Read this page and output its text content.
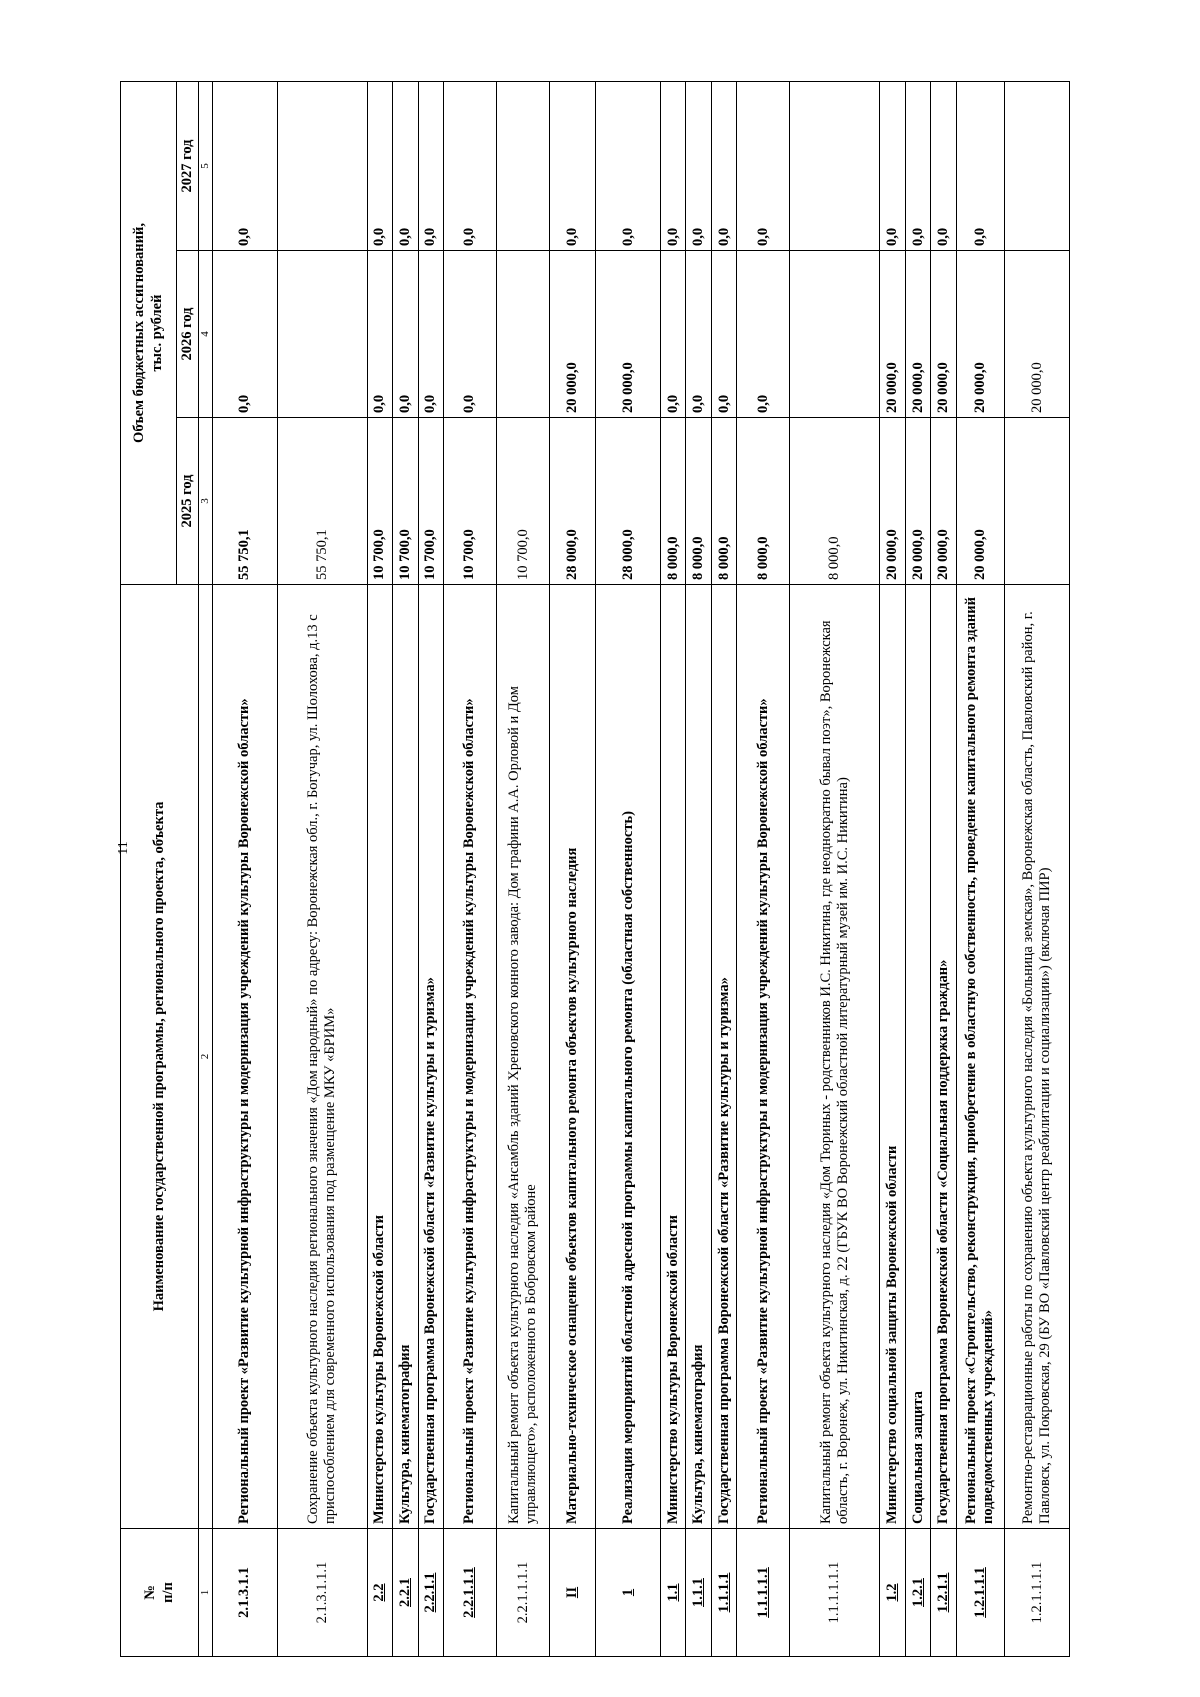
11
№
п/п	Наименование государственной программы, регионального проекта, объекта	Объем бюджетных ассигнований,
тыс. рублей		
		2025 год	2026 год	2027 год
1	2	3	4	5
2.1.3.1.1	Региональный проект «Развитие культурной инфраструктуры и модернизация учреждений культуры Воронежской области»	55 750,1	0,0	0,0
2.1.3.1.1.1	Сохранение объекта культурного наследия регионального значения «Дом народный» по адресу: Воронежская обл., г. Богучар, ул. Шолохова, д.13 с приспособлением для современного использования под размещение МКУ «БРИМ»	55 750,1		
2.2	Министерство культуры Воронежской области	10 700,0	0,0	0,0
2.2.1	Культура, кинематография	10 700,0	0,0	0,0
2.2.1.1	Государственная программа Воронежской области «Развитие культуры и туризма»	10 700,0	0,0	0,0
2.2.1.1.1	Региональный проект «Развитие культурной инфраструктуры и модернизация учреждений культуры Воронежской области»	10 700,0	0,0	0,0
2.2.1.1.1.1	Капитальный ремонт объекта культурного наследия «Ансамбль зданий Хреновского конного завода: Дом графини А.А. Орловой и Дом управляющего», расположенного в Бобровском районе	10 700,0		
II	Материально-техническое оснащение объектов капитального ремонта объектов культурного наследия	28 000,0	20 000,0	0,0
1	Реализация мероприятий областной адресной программы капитального ремонта (областная собственность)	28 000,0	20 000,0	0,0
1.1	Министерство культуры Воронежской области	8 000,0	0,0	0,0
1.1.1	Культура, кинематография	8 000,0	0,0	0,0
1.1.1.1	Государственная программа Воронежской области «Развитие культуры и туризма»	8 000,0	0,0	0,0
1.1.1.1.1	Региональный проект «Развитие культурной инфраструктуры и модернизация учреждений культуры Воронежской области»	8 000,0	0,0	0,0
1.1.1.1.1.1	Капитальный ремонт объекта культурного наследия «Дом Тюриных - родственников И.С. Никитина, где неоднократно бывал поэт», Воронежская область, г. Воронеж, ул. Никитинская, д. 22 (ГБУК ВО Воронежский областной литературный музей им. И.С. Никитина)	8 000,0		
1.2	Министерство социальной защиты Воронежской области	20 000,0	20 000,0	0,0
1.2.1	Социальная защита	20 000,0	20 000,0	0,0
1.2.1.1	Государственная программа Воронежской области «Социальная поддержка граждан»	20 000,0	20 000,0	0,0
1.2.1.1.1	Региональный проект «Строительство, реконструкция, приобретение в областную собственность, проведение капитального ремонта зданий подведомственных учреждений»	20 000,0	20 000,0	0,0
1.2.1.1.1.1	Ремонтно-реставрационные работы по сохранению объекта культурного наследия «Больница земская», Воронежская область, Павловский район, г. Павловск, ул. Покровская, 29 (БУ ВО «Павловский центр реабилитации и социализации») (включая ПИР)		20 000,0	
